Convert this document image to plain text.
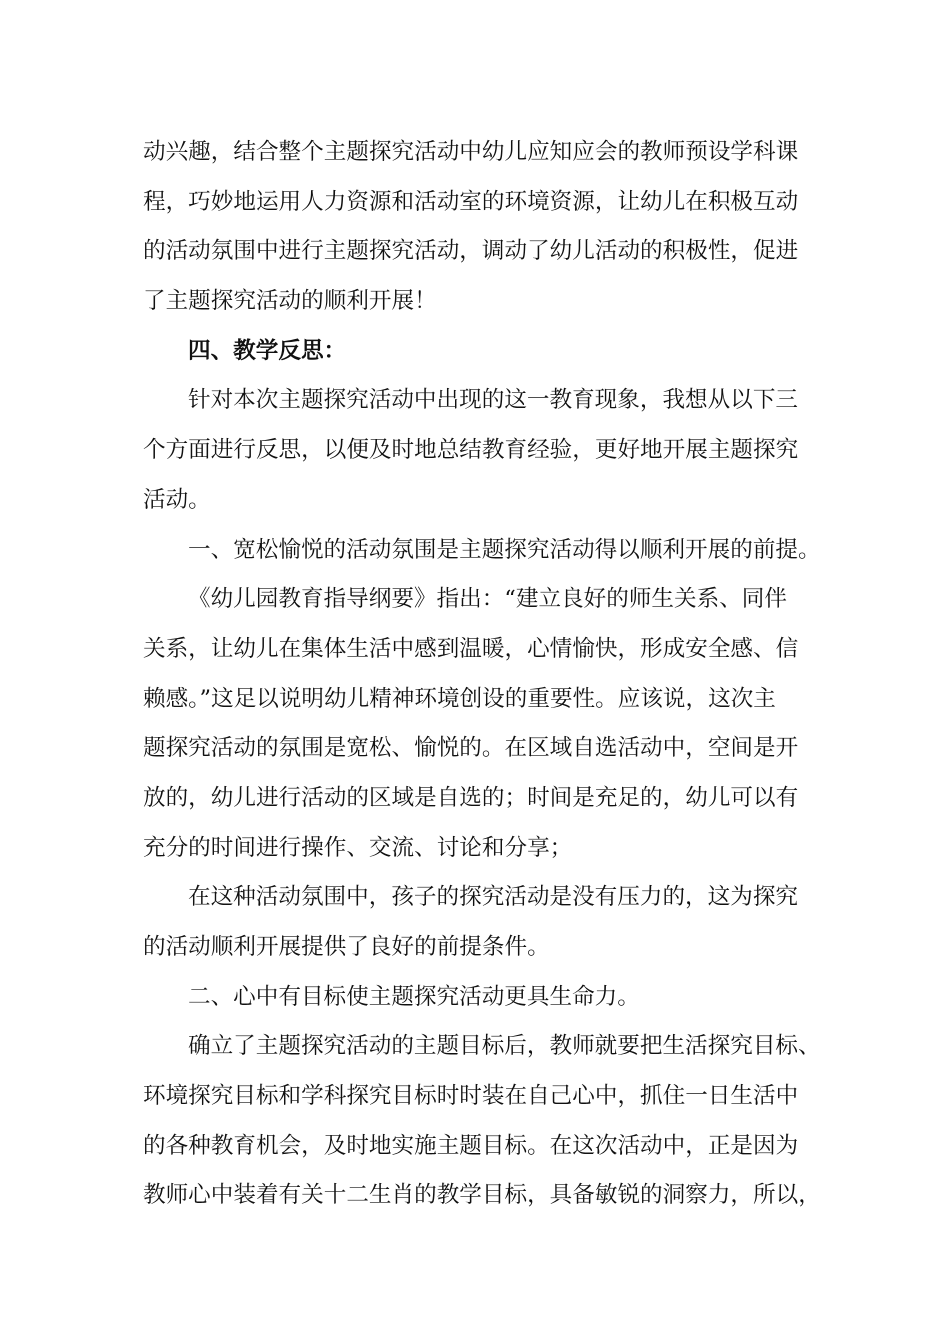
动兴趣，结合整个主题探究活动中幼儿应知应会的教师预设学科课
程，巧妙地运用人力资源和活动室的环境资源，让幼儿在积极互动
的活动氛围中进行主题探究活动，调动了幼儿活动的积极性，促进
了主题探究活动的顺利开展！
四、教学反思：
针对本次主题探究活动中出现的这一教育现象，我想从以下三
个方面进行反思，以便及时地总结教育经验，更好地开展主题探究
活动。
一、宽松愉悦的活动氛围是主题探究活动得以顺利开展的前提。
《幼儿园教育指导纲要》指出：“建立良好的师生关系、同伴
关系，让幼儿在集体生活中感到温暖，心情愉快，形成安全感、信
赖感。”这足以说明幼儿精神环境创设的重要性。应该说，这次主
题探究活动的氛围是宽松、愉悦的。在区域自选活动中，空间是开
放的，幼儿进行活动的区域是自选的；时间是充足的，幼儿可以有
充分的时间进行操作、交流、讨论和分享；
在这种活动氛围中，孩子的探究活动是没有压力的，这为探究
的活动顺利开展提供了良好的前提条件。
二、心中有目标使主题探究活动更具生命力。
确立了主题探究活动的主题目标后，教师就要把生活探究目标、
环境探究目标和学科探究目标时时装在自己心中，抓住一日生活中
的各种教育机会，及时地实施主题目标。在这次活动中，正是因为
教师心中装着有关十二生肖的教学目标，具备敏锐的洞察力，所以，
